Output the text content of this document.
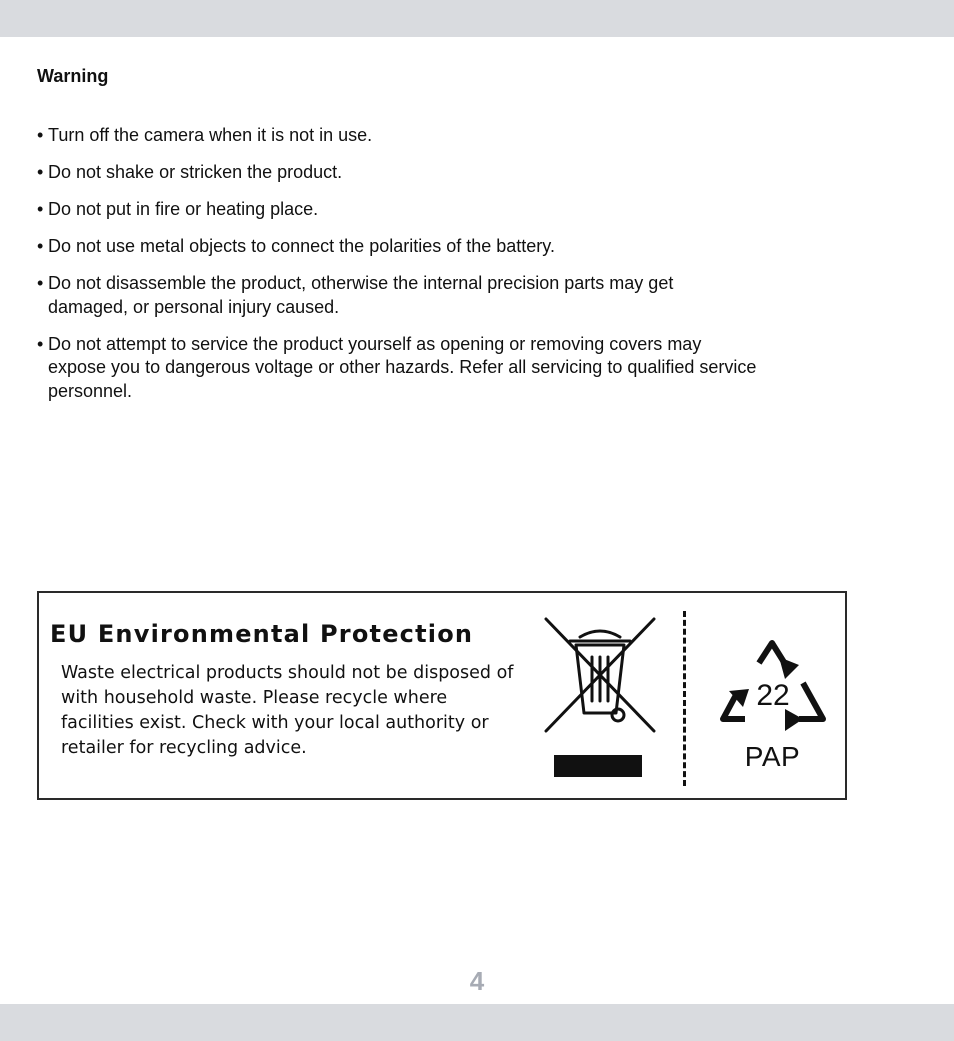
Warning
• Turn off the camera when it is not in use.
• Do not shake or stricken the product.
• Do not put in fire or heating place.
• Do not use metal objects to connect the polarities of the battery.
• Do not disassemble the product, otherwise the internal precision parts may get damaged, or personal injury caused.
• Do not attempt to service the product yourself as opening or removing covers may expose you to dangerous voltage or other hazards. Refer all servicing to qualified service personnel.
EU Environmental Protection
Waste electrical products should not be disposed of with household waste. Please recycle where facilities exist. Check with your local authority or retailer for recycling advice.
22
PAP
4
